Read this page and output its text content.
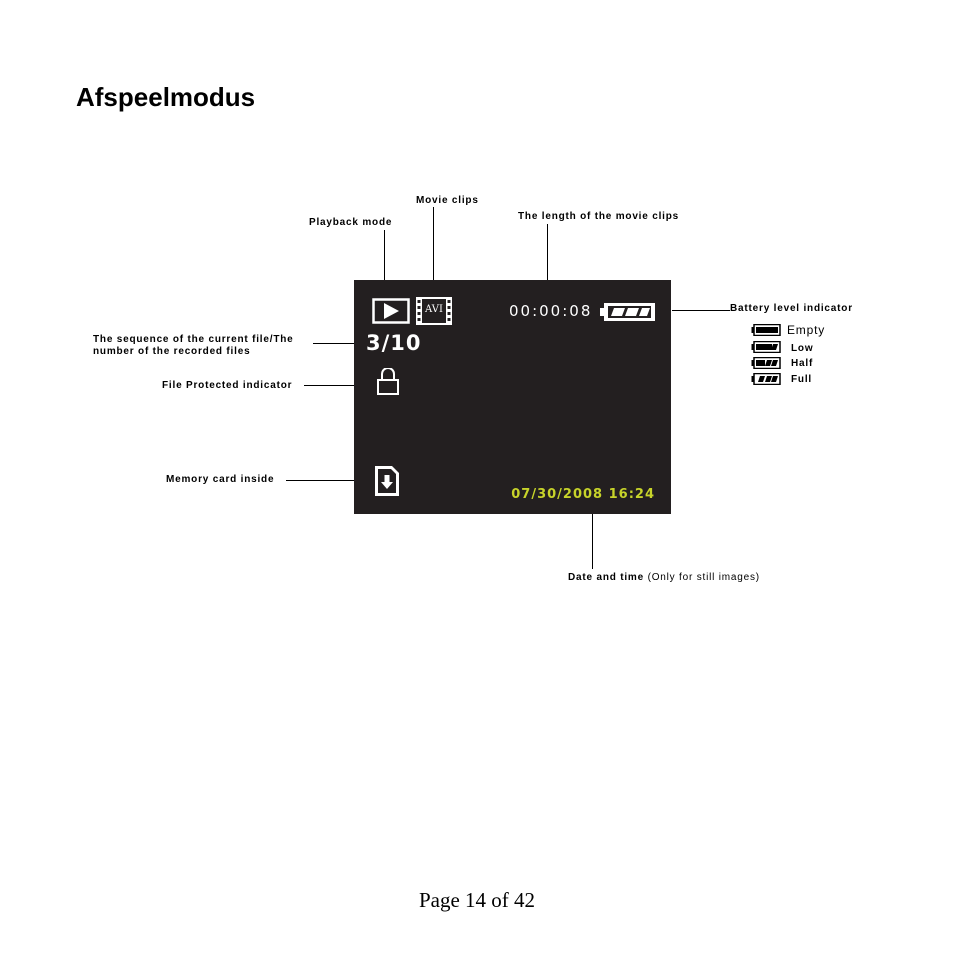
Afspeelmodus
Movie clips
Playback mode
The length of the movie clips
Battery level indicator
The sequence of the current file/The
number of the recorded files
File Protected indicator
Memory card inside
Date and time (Only for still images)
AVI	00:00:08
3/10
07/30/2008 16:24
Empty
Low
Half
Full
Page 14 of 42
